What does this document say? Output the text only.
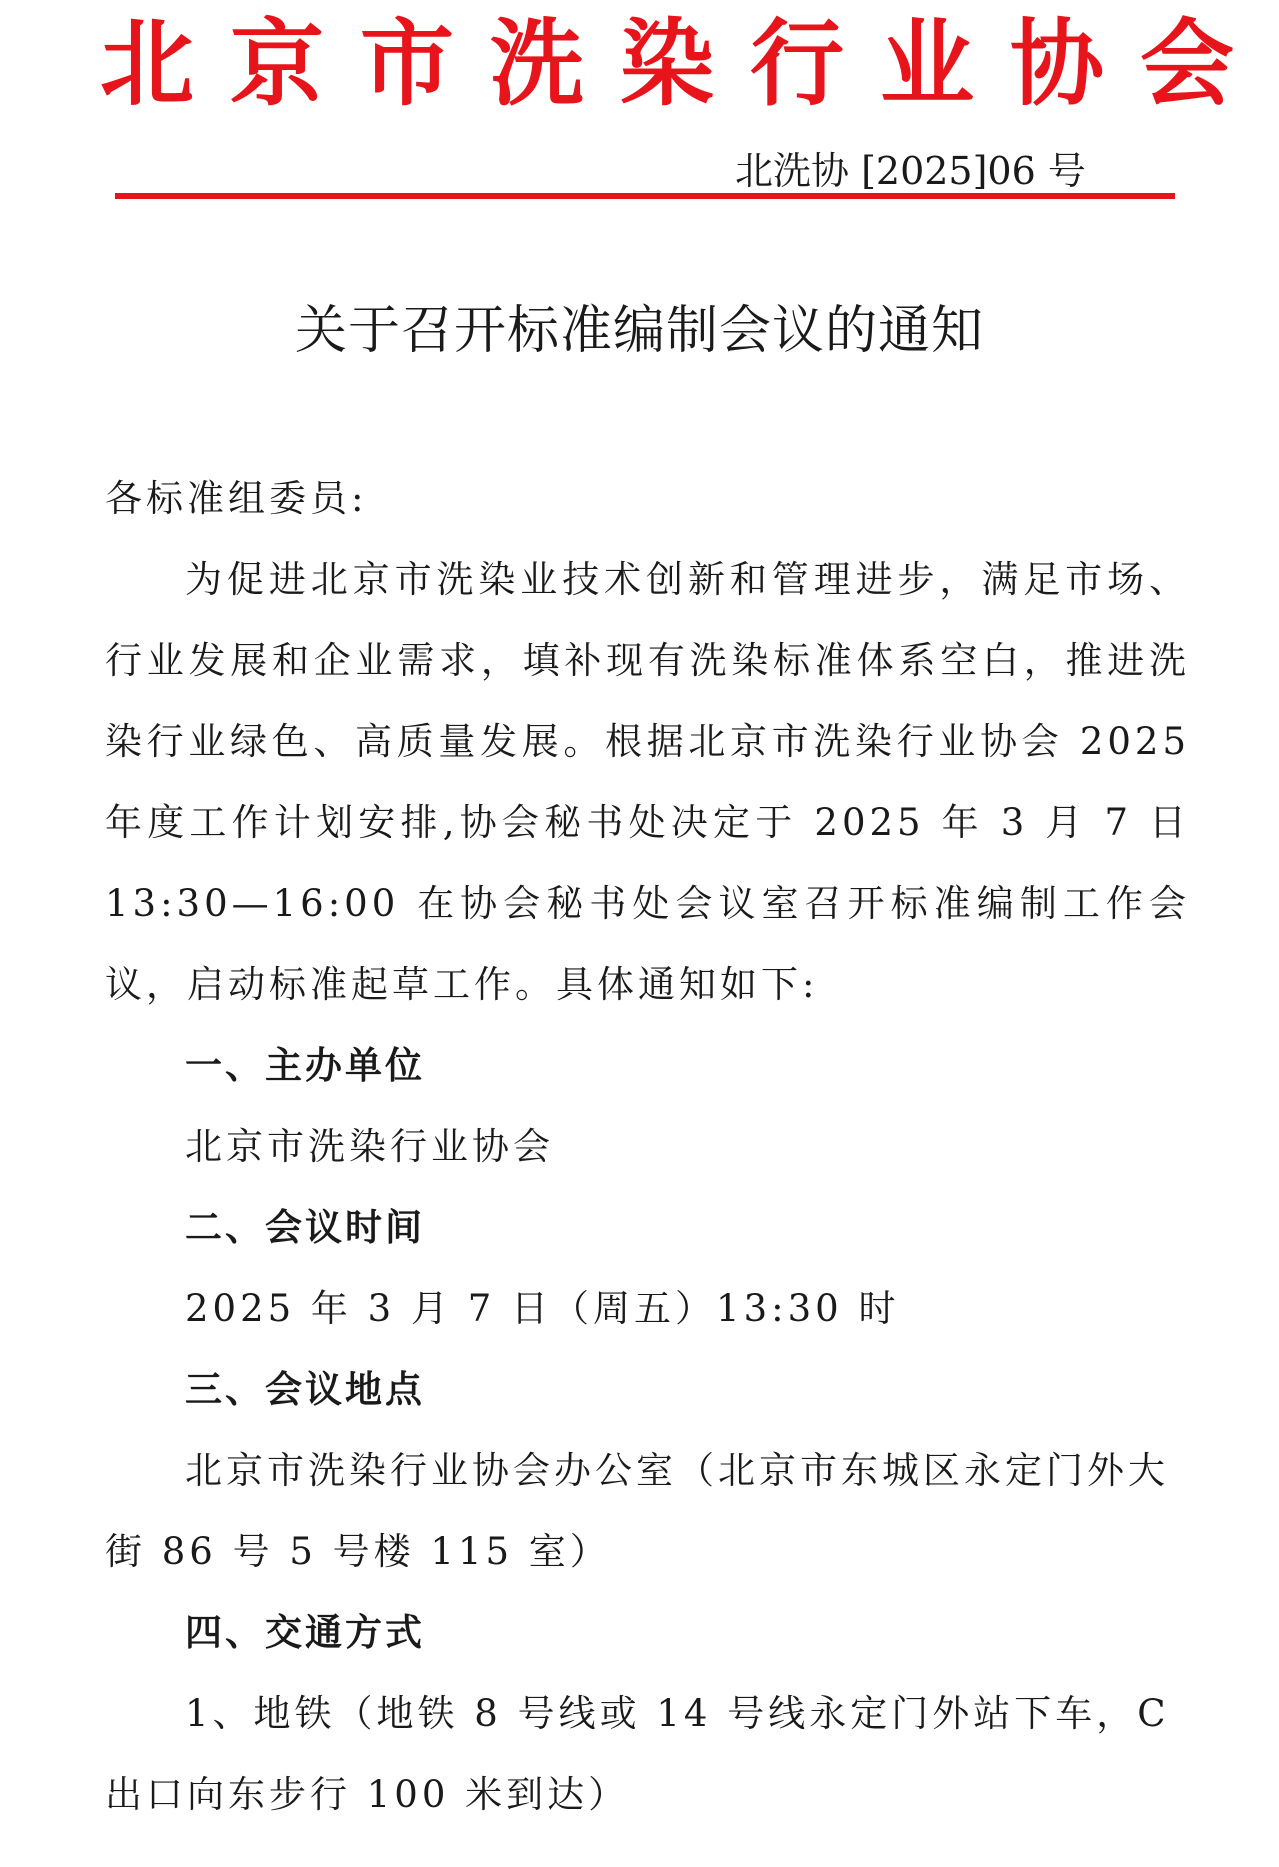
北京市洗染行业协会
北洗协 [2025]06 号
关于召开标准编制会议的通知

各标准组委员:

为促进北京市洗染业技术创新和管理进步，满足市场、行业发展和企业需求，填补现有洗染标准体系空白，推进洗染行业绿色、高质量发展。根据北京市洗染行业协会 2025 年度工作计划安排,协会秘书处决定于 2025 年 3 月 7 日 13:30—16:00 在协会秘书处会议室召开标准编制工作会议，启动标准起草工作。具体通知如下:

一、主办单位

北京市洗染行业协会

二、会议时间

2025 年 3 月 7 日（周五）13:30 时

三、会议地点

北京市洗染行业协会办公室（北京市东城区永定门外大街 86 号 5 号楼 115 室）

四、交通方式

1、地铁（地铁 8 号线或 14 号线永定门外站下车，C 出口向东步行 100 米到达）
